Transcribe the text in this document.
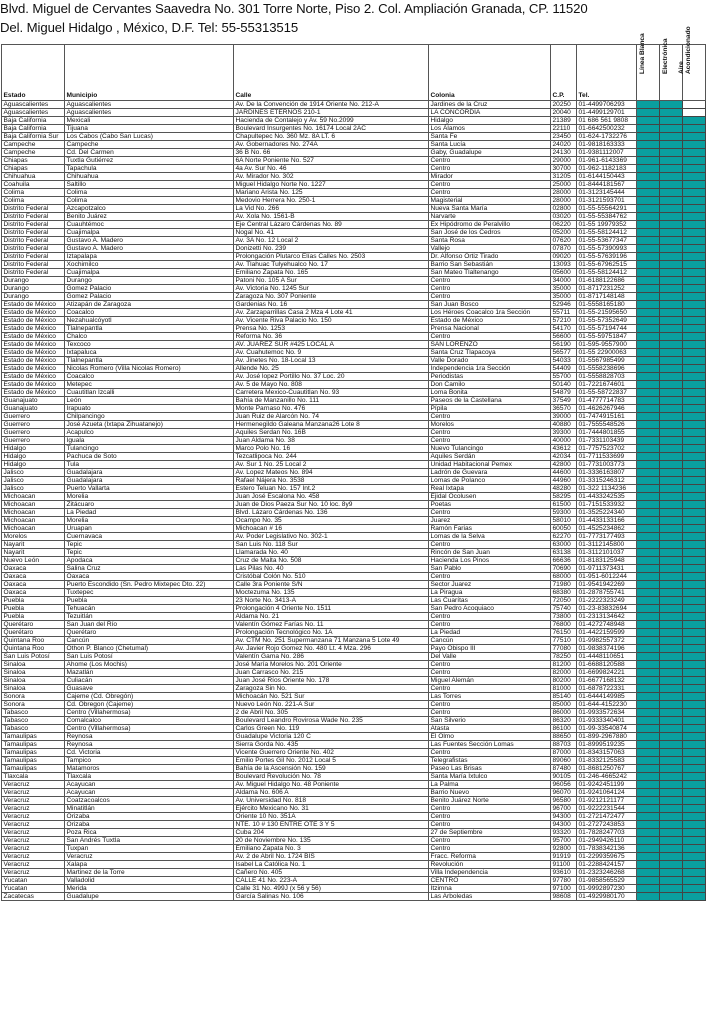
Blvd. Miguel de Cervantes Saavedra No. 301 Torre Norte, Piso 2. Col. Ampliación Granada, CP. 11520
Del. Miguel Hidalgo , México, D.F. Tel: 55-55313515
Estado	Municipio	Calle	Colonia	C.P.	Tel.	Línea Blanca	Electrónica	Aire Acondicionado

Aguascalientes	Aguascalientes	Av. De la Convención de 1914 Oriente No. 212-A	Jardines de la Cruz	20250	01-4499706293			
Aguascalientes	Aguascalientes	JARDINES ETERNOS 210-1	LA CONCORDIA	20040	01-4499129701			
Baja California	Mexicali	Hacienda de Contalejo y Av. 59 No.2099	Hidalgo	21389	01 686 561 9808			
Baja California	Tijuana	Boulevard Insurgentes No. 16174 Local 2AC	Los Álamos	22110	01-6642500232			
Baja California Sur	Los Cabos (Cabo San Lucas)	Chapultepec No. 360 Mz. 8A LT. 6	Santa Fe	23450	01-624-1732276			
Campeche	Campeche	Av. Gobernadores No. 274A	Santa Lucía	24020	01-9818163333			
Campeche	Cd. Del Carmen	36 B No. 66	Gaby, Guadalupe	24130	01-9381112007			
Chiapas	Tuxtla Gutiérrez	6A Norte Poniente No. 527	Centro	29000	01-961-6143369			
Chiapas	Tapachula	4a Av. Sur No. 46	Centro	30700	01-962-1182183			
Chihuahua	Chihuahua	Av. Mirador No. 302	Mirador	31205	01-6144150443			
Coahuila	Saltillo	Miguel Hidalgo Norte No. 1227	Centro	25000	01-8444181567			
Colima	Colima	Mariano Arista No. 125	Centro	28000	01-3123145444			
Colima	Colima	Medovio Herrera No. 250-1	Magisterial	28000	01-3121593701			
Distrito Federal	Azcapotzalco	La Vid No. 266	Nueva Santa María	02800	01-55-55564291			
Distrito Federal	Benito Juárez	Av. Xola No. 1561-B	Narvarte	03020	01-55-55384762			
Distrito Federal	Cuauhtémoc	Eje Central Lázaro Cárdenas No. 89	Ex Hipódromo de Peralvillo	06220	01-55 19979352			
Distrito Federal	Cuajimalpa	Nogal No. 41	San José de los Cedros	05200	01-55-58124412			
Distrito Federal	Gustavo A. Madero	Av. 3A No. 12 Local 2	Santa Rosa	07620	01-55-53677347			
Distrito Federal	Gustavo A. Madero	Donizetti No. 239	Vallejo	07870	01-55-57390993			
Distrito Federal	Iztapalapa	Prolongación Plutarco Elías Calles No. 2503	Dr. Alfonso Ortiz Tirado	09020	01-55-57639196			
Distrito Federal	Xochimilco	Av. Tlahuac Tulyehualco No. 17	Barrio San Sebastián	13093	01-55-67962515			
Distrito Federal	Cuajimalpa	Emiliano Zapata No. 165	San Mateo Tlaltenango	05600	01-55-58124412			
Durango	Durango	Patoni No. 105 A Sur	Centro	34000	01-6188122686			
Durango	Gomez Palacio	Av. Victoria No. 1245 Sur	Centro	35000	01-8717231252			
Durango	Gomez Palacio	Zaragoza No. 307 Poniente	Centro	35000	01-8717148148			
Estado de México	Atizapán de Zaragoza	Gardenias No. 16	San Juan Bosco	52946	01-5558165180			
Estado de México	Coacalco	Av. Zarzaparrillas Casa 2 Mza 4 Lote 41	Los Héroes Coacalco 1ra Sección	55711	01-55-21595650			
Estado de México	Nezahualcóyotl	Av. Vicente Riva Palacio No. 150	Estado de México	57210	01-55-57352649			
Estado de México	Tlalnepantla	Prensa No. 1253	Prensa Nacional	54170	01-55-57194744			
Estado de México	Chalco	Reforma No. 36	Centro	56600	01-55-59751847			
Estado de México	Texcoco	AV. JUAREZ SUR #425 LOCAL A	SAN LORENZO	56190	01-595-9557900			
Estado de México	Ixtapaluca	Av. Cuahutemoc No. 9	Santa Cruz Tlapacoya	56577	01-55 22900063			
Estado de México	Tlalnepantla	Av. Jinetes No. 18-Local 13	Valle Dorado	54033	01-5567985499			
Estado de México	Nicolas Romero (Villa Nicolas Romero)	Allende No. 25	Independencia 1ra Sección	54409	01-5558238696			
Estado de México	Coacalco	Av. José lopez Portillo No. 37 Loc. 20	Periodistas	55700	01-5558828703			
Estado de México	Metepec	Av. 5 de Mayo No. 808	Don Camilo	50140	01-7221674601			
Estado de México	Cuautitlan Izcalli	Carretera Mexico-Cuautitlan No. 93	Loma Bonita	54879	01-55-58722837			
Guanajuato	León	Bahía de Manzanillo No. 111	Paseos de la Castellana	37549	01-4777714783			
Guanajuato	Irapuato	Monte Parnaso No. 476	Pípila	36570	01-4626267946			
Guerrero	Chilpancingo	Juan Ruiz de Alarcón No. 74	Centro	39000	01-7474915161			
Guerrero	José Azueta (Ixtapa Zihuatanejo)	Hermenegildo Galeana Manzana26 Lote 8	Morelos	40880	01-7555548526			
Guerrero	Acapulco	Aquiles Serdan No. 16B	Centro	39300	01-7444801855			
Guerrero	Iguala	Juan Aldama No. 38	Centro	40000	01-7331103439			
Hidalgo	Tulancingo	Marco Polo No. 16	Nuevo Tulancingo	43612	01-7757523702			
Hidalgo	Pachuca de Soto	Tezcatlipoca No. 244	Aquiles Serdán	42034	01-7711533699			
Hidalgo	Tula	Av. Sur 1 No. 25 Local 2	Unidad Habitacional Pemex	42800	01-7731003773			
Jalisco	Guadalajara	Av. Lopez Mateos No. 894	Ladrón de Guevara	44600	01-3336163807			
Jalisco	Guadalajara	Rafael Nájera No. 3538	Lomas de Polanco	44960	01-3315246312			
Jalisco	Puerto Vallarta	Estero Teluan No. 157 Int.2	Real Ixtapa	48280	01-322 1134236			
Michoacan	Morelia	Juan José Escalona No. 458	Ejidal Ocolusen	58295	01-4433242535			
Michoacan	Zitácuaro	Juan de Dios Paeza Sur No. 10 loc. 8y9	Poetas	61500	01-7151533932			
Michoacan	La Piedad	Blvd. Lázaro Cárdenas No. 136	Centro	59300	01-3525224340			
Michoacan	Morelia	Ocampo No. 35	Juarez	58010	01-4433133166			
Michoacan	Uruapan	Michoacan # 16	Ramón Farias	60050	01-4525234862			
Morelos	Cuernavaca	Av. Poder Legislativo No. 302-1	Lomas de la Selva	62270	01-7773177493			
Nayarit	Tepic	San Luis No. 118 Sur	Centro	63000	01-3112145800			
Nayarit	Tepic	Llamarada No. 40	Rincón de San Juan	63138	01-3112101037			
Nuevo León	Apodaca	Cruz de Malta No. 508	Hacienda Los Pinos	66636	01-8183125948			
Oaxaca	Salina Cruz	Las Pilas No. 40	San Pablo	70690	01-9711373431			
Oaxaca	Oaxaca	Cristóbal Colón No. 510	Centro	68000	01-951-6012244			
Oaxaca	Puerto Escondido (Sn. Pedro Mixtepec Dto. 22)	Calle 3ra Poniente S/N	Sector Juarez	71980	01-9541942269			
Oaxaca	Tuxtepec	Moctezuma No. 135	La Piragua	68380	01-2878755741			
Puebla	Puebla	23 Norte No. 3413-A	Las Cuarítas	72050	01-2222323249			
Puebla	Tehuacán	Prolongación 4 Oriente No. 1511	San Pedro Acoquiaco	75740	01-23-83832694			
Puebla	Tezuitlán	Aldama No. 21	Centro	73800	01-2313134642			
Querétaro	San Juan del Río	Valentín Gómez Farías No. 11	Centro	76800	01-4272748948			
Querétaro	Querétaro	Prolongación Tecnológico No. 1A	La Piedad	76150	01-4422159599			
Quintana Roo	Cancún	Av. CTM No. 251 Supermanzana 71 Manzana 5 Lote 49	Cancún	77510	01-9982557372			
Quintana Roo	Othon P. Blanco (Chetumal)	Av. Javier Rojo Gomez No. 480 Lt. 4 Mza. 296	Payo Obispo III	77080	01-9838374196			
San Luis Potosí	San Luis Potosí	Valentín Gama No. 286	Del Valle	78250	01-4448110651			
Sinaloa	Ahome (Los Mochis)	José María Morelos No. 201 Oriente	Centro	81200	01-6688120588			
Sinaloa	Mazatlán	Juan Carrasco No. 215	Centro	82000	01-6699824221			
Sinaloa	Culiacán	Juan José Ríos Oriente No. 178	Miguel Alemán	80200	01-6677168132			
Sinaloa	Guasave	Zaragoza Sin No.	Centro	81000	01-6878722331			
Sonora	Cajeme (Cd. Obregón)	Michoacán No. 521 Sur	Las Torres	85140	01-6444149985			
Sonora	Cd. Obregon (Cajeme)	Nuevo León No. 221-A Sur	Centro	85000	01-644-4152230			
Tabasco	Centro (Villahermosa)	2 de Abril No. 305	Centro	86000	01-9933572634			
Tabasco	Comalcalco	Boulevard Leandro Rovirosa Wade No. 235	San Silverio	86320	01-9333340401			
Tabasco	Centro (Villahermosa)	Carlos Green No. 119	Atasta	86100	01-99-33540874			
Tamaulipas	Reynosa	Guadalupe Victoria 120 C	El Olmo	88650	01-899-2967880			
Tamaulipas	Reynosa	Sierra Gorda No. 435	Las Fuentes Sección Lomas	88703	01-8999519235			
Tamaulipas	Cd. Victoria	Vicente Guerrero Oriente No. 402	Centro	87000	01-8343157063			
Tamaulipas	Tampico	Emilio Portes Gil No. 2012 Local 5	Telegrafistas	89060	01-8332125583			
Tamaulipas	Matamoros	Bahía de la Ascensión No. 159	Paseo Las Brisas	87480	01-8681250767			
Tlaxcala	Tlaxcala	Boulevard Revolución No. 78	Santa María Ixtulco	90105	01-246-4665242			
Veracruz	Acayucan	Av. Miguel Hidalgo No. 48 Poniente	La Palma	96056	01-9242451199			
Veracruz	Acayucan	Aldama No. 606 A	Barrio Nuevo	96070	01-9241064124			
Veracruz	Coatzacoalcos	Av. Universidad No. 818	Benito Juárez Norte	96580	01-9212121177			
Veracruz	Minatitlán	Ejército Mexicano No. 31	Centro	96700	01-9222231544			
Veracruz	Orizaba	Oriente 10 No. 351A	Centro	94300	01-2721472477			
Veracruz	Orizaba	NTE. 10 # 130 ENTRE OTE 3 Y 5	Centro	94300	01-2727243853			
Veracruz	Poza Rica	Cuba 204	27 de Septiembre	93320	01-7828247703			
Veracruz	San Andrés Tuxtla	20 de Noviembre No. 135	Centro	95700	01-2949426110			
Veracruz	Tuxpan	Emiliano Zapata No. 3	Centro	92800	01-7838342136			
Veracruz	Veracruz	Av. 2 de Abril No. 1724 BIS	Fracc. Reforma	91919	01-2299359675			
Veracruz	Xalapa	Isabel La Católica No. 1	Revolución	91100	01-2288424157			
Veracruz	Martinez de la Torre	Cañero No. 405	Villa Independencia	93610	01-2323246268			
Yucatan	Valladolid	CALLE 41 No. 223-A	CENTRO	97780	01-9858565529			
Yucatan	Merida	Calle 31 No. 499J (x 56 y 56)	Itzimna	97100	01-9992897230			
Zacatecas	Guadalupe	García Salinas No. 106	Las Arboledas	98608	01-4929980170			
